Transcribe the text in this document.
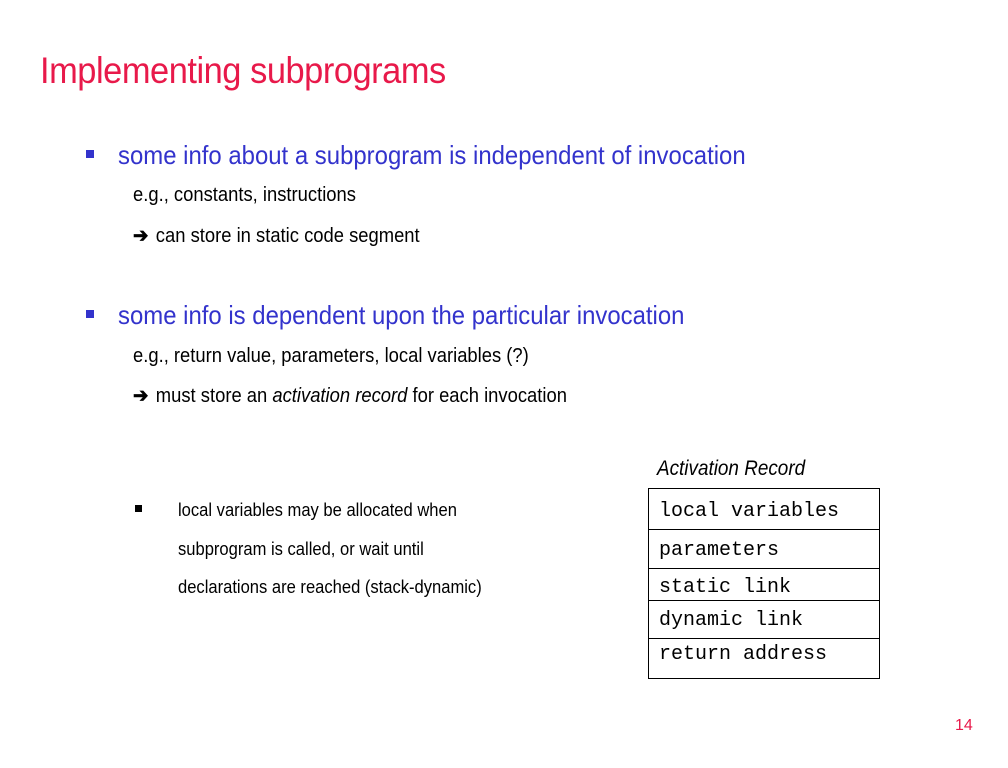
Implementing subprograms
some info about a subprogram is independent of invocation
e.g., constants, instructions
➔ can store in static code segment
some info is dependent upon the particular invocation
e.g., return value, parameters, local variables (?)
➔ must store an activation record for each invocation
local variables may be allocated when
subprogram is called, or wait until
declarations are reached (stack-dynamic)
Activation Record
local variables
parameters
static link
dynamic link
return address
14
